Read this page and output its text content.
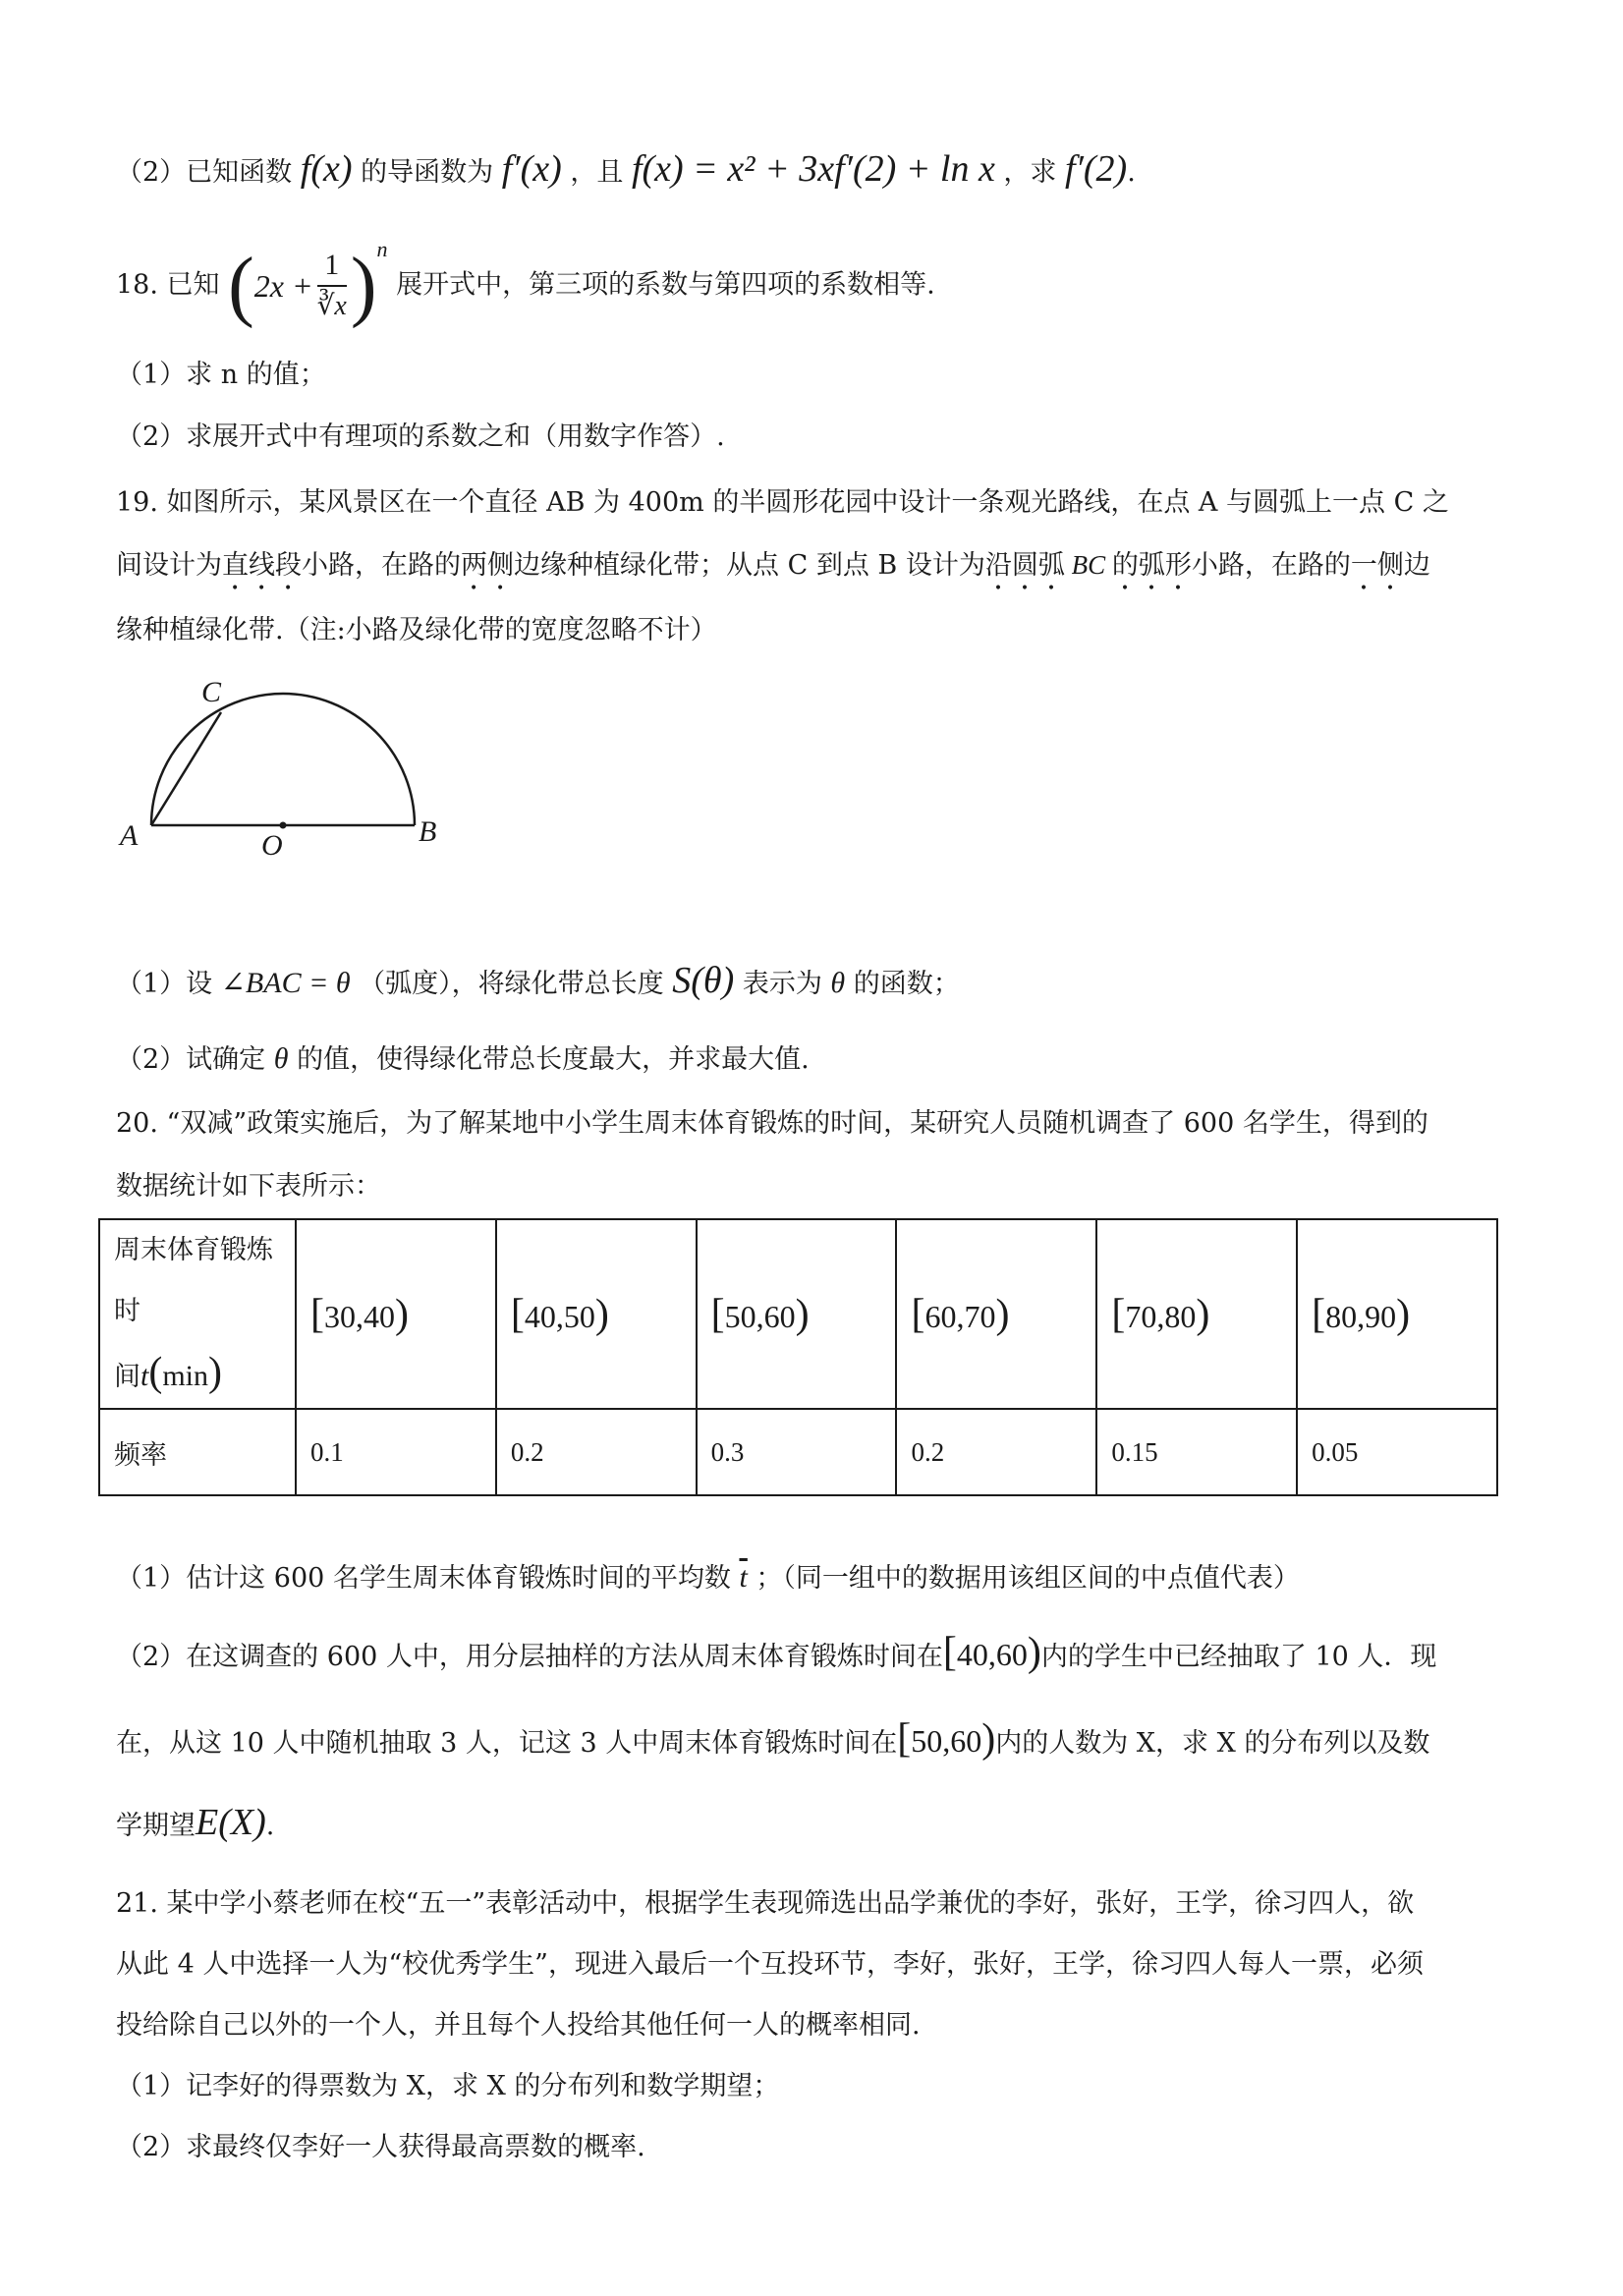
（2）已知函数 f(x) 的导函数为 f′(x) ，且 f(x) = x² + 3xf′(2) + ln x ，求 f′(2).
18. 已知 $(2x + \frac{1}{∛x} )^n$ 展开式中，第三项的系数与第四项的系数相等.
（1）求 n 的值；
（2）求展开式中有理项的系数之和（用数字作答）.
19. 如图所示，某风景区在一个直径 AB 为 400m 的半圆形花园中设计一条观光路线，在点 A 与圆弧上一点 C 之
间设计为直线段小路，在路的两侧边缘种植绿化带；从点 C 到点 B 设计为沿圆弧 BC 的弧形小路，在路的一侧边
缘种植绿化带.（注:小路及绿化带的宽度忽略不计）
C
A	O	B
（1）设 ∠BAC = θ （弧度），将绿化带总长度 S(θ) 表示为 θ 的函数；
（2）试确定 θ 的值，使得绿化带总长度最大，并求最大值.
20. “双减”政策实施后，为了解某地中小学生周末体育锻炼的时间，某研究人员随机调查了 600 名学生，得到的
数据统计如下表所示：
周末体育锻炼时
间t(min)	[30,40)	[40,50)	[50,60)	[60,70)	[70,80)	[80,90)
频率	0.1	0.2	0.3	0.2	0.15	0.05
（1）估计这 600 名学生周末体育锻炼时间的平均数 $\overline{t}$ ；（同一组中的数据用该组区间的中点值代表）
（2）在这调查的 600 人中，用分层抽样的方法从周末体育锻炼时间在[40,60)内的学生中已经抽取了 10 人．现
在，从这 10 人中随机抽取 3 人，记这 3 人中周末体育锻炼时间在[50,60)内的人数为 X，求 X 的分布列以及数
学期望E(X).
21. 某中学小蔡老师在校“五一”表彰活动中，根据学生表现筛选出品学兼优的李好，张好，王学，徐习四人，欲
从此 4 人中选择一人为“校优秀学生”，现进入最后一个互投环节，李好，张好，王学，徐习四人每人一票，必须
投给除自己以外的一个人，并且每个人投给其他任何一人的概率相同.
（1）记李好的得票数为 X，求 X 的分布列和数学期望；
（2）求最终仅李好一人获得最高票数的概率.
